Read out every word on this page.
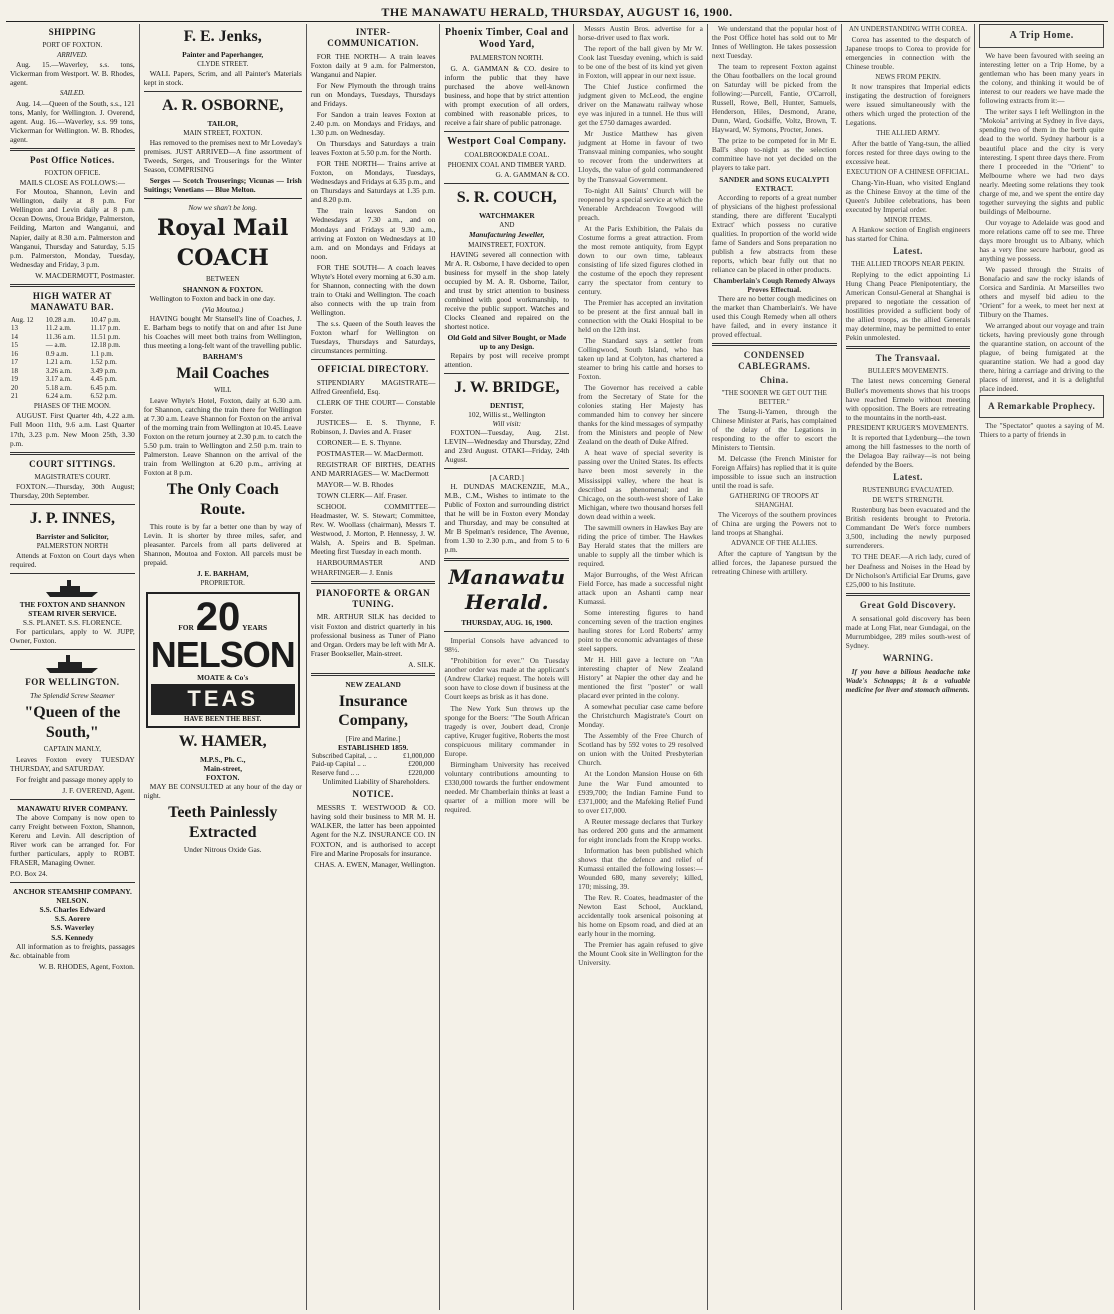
THE MANAWATU HERALD, THURSDAY, AUGUST 16, 1900.
SHIPPING
PORT OF FOXTON.
ARRIVED.

Aug. 15.—Waverley, s.s. tons, Vickerman from Westport. W. B. Rhodes, agent.

SAILED.

Aug. 14.—Queen of the South, s.s., 121 tons, Manly, for Wellington. J. Overend, agent. Aug. 16.—Waverley, s.s. 99 tons, Vickerman for Wellington. W. B. Rhodes, agent.

Post Office Notices.
FOXTON OFFICE.
MAILS CLOSE AS FOLLOWS:—

For Moutoa, Shannon, Levin and Wellington, daily at 8 p.m. For Wellington and Levin daily at 8 p.m. Ocean Downs, Oroua Bridge, Palmerston, Feilding, Marton and Wanganui, and Napier, daily at 8.30 a.m. Palmerston and Wanganui, Thursday and Saturday, 5.15 p.m. Palmerston, Monday, Tuesday, Wednesday and Friday, 3 p.m.

W. MACDERMOTT, Postmaster.
HIGH WATER AT MANAWATU BAR.
Aug. 12	10.28 a.m.	10.47 p.m.
13	11.2 a.m.	11.17 p.m.
14	11.36 a.m.	11.51 p.m.
15	— a.m.	12.18 p.m.
16	0.9 a.m.	1.1 p.m.
17	1.21 a.m.	1.52 p.m.
18	3.26 a.m.	3.49 p.m.
19	3.17 a.m.	4.45 p.m.
20	5.18 a.m.	6.45 p.m.
21	6.24 a.m.	6.52 p.m.
PHASES OF THE MOON.

AUGUST. First Quarter 4th, 4.22 a.m. Full Moon 11th, 9.6 a.m. Last Quarter 17th, 3.23 p.m. New Moon 25th, 3.30 p.m.

COURT SITTINGS.
MAGISTRATE'S COURT.

FOXTON.—Thursday, 30th August; Thursday, 20th September.

J. P. INNES,
Barrister and Solicitor,
PALMERSTON NORTH

Attends at Foxton on Court days when required.

THE FOXTON AND SHANNON STEAM RIVER SERVICE.
S.S. PLANET. S.S. FLORENCE.

For particulars, apply to W. JUPP, Owner, Foxton.

FOR WELLINGTON.
The Splendid Screw Steamer
"Queen of the South,"
CAPTAIN MANLY,

Leaves Foxton every TUESDAY THURSDAY, and SATURDAY.

For freight and passage money apply to

J. F. OVEREND, Agent.
MANAWATU RIVER COMPANY.

The above Company is now open to carry Freight between Foxton, Shannon, Kereru and Levin. All description of River work can be arranged for. For further particulars, apply to ROBT. FRASER, Managing Owner.

P.O. Box 24.
ANCHOR STEAMSHIP COMPANY.
NELSON.
S.S. Charles Edward
S.S. Aorere
S.S. Waverley
S.S. Kennedy

All information as to freights, passages &c. obtainable from

W. B. RHODES, Agent, Foxton.
F. E. Jenks,
Painter and Paperhanger,
CLYDE STREET.

WALL Papers, Scrim, and all Painter's Materials kept in stock.

A. R. OSBORNE,
TAILOR,
MAIN STREET, FOXTON.

Has removed to the premises next to Mr Loveday's premises. JUST ARRIVED—A fine assortment of Tweeds, Serges, and Trouserings for the Winter Season, COMPRISING

Serges — Scotch Trouserings; Vicunas — Irish Suitings; Venetians — Blue Melton.

Now we shan't be long.
Royal Mail
COACH
BETWEEN
SHANNON & FOXTON.

Wellington to Foxton and back in one day.

(Via Moutoa.)

HAVING bought Mr Stansell's line of Coaches, J. E. Barham begs to notify that on and after 1st June his Coaches will meet both trains from Wellington, thus meeting a long-felt want of the travelling public.

BARHAM'S
Mail Coaches
WILL

Leave Whyte's Hotel, Foxton, daily at 6.30 a.m. for Shannon, catching the train there for Wellington at 7.30 a.m. Leave Shannon for Foxton on the arrival of the morning train from Wellington at 10.45. Leave Foxton on the return journey at 2.30 p.m. to catch the 5.50 p.m. train to Wellington and 2.50 p.m. train to Palmerston. Leave Shannon on the arrival of the train from Wellington at 6.20 p.m., arriving at Foxton at 8 p.m.

The Only Coach Route.

This route is by far a better one than by way of Levin. It is shorter by three miles, safer, and pleasanter. Parcels from all parts delivered at Shannon, Moutoa and Foxton. All parcels must be prepaid.

J. E. BARHAM,
PROPRIETOR.
FOR 20 YEARS
NELSON
MOATE & Co's
TEAS
HAVE BEEN THE BEST.
W. HAMER,
M.P.S., Ph. C.,
Main-street,
FOXTON.

MAY BE CONSULTED at any hour of the day or night.

Teeth Painlessly Extracted
Under Nitrous Oxide Gas.
INTER-COMMUNICATION.

FOR THE NORTH— A train leaves Foxton daily at 9 a.m. for Palmerston, Wanganui and Napier.

For New Plymouth the through trains run on Mondays, Tuesdays, Thursdays and Fridays.

For Sandon a train leaves Foxton at 2.40 p.m. on Mondays and Fridays, and 1.30 p.m. on Wednesday.

On Thursdays and Saturdays a train leaves Foxton at 5.50 p.m. for the North.

FOR THE NORTH— Trains arrive at Foxton, on Mondays, Tuesdays, Wednesdays and Fridays at 6.35 p.m., and on Thursdays and Saturdays at 1.35 p.m. and 8.20 p.m.

The train leaves Sandon on Wednesdays at 7.30 a.m., and on Mondays and Fridays at 9.30 a.m., arriving at Foxton on Wednesdays at 10 a.m. and on Mondays and Fridays at noon.

FOR THE SOUTH— A coach leaves Whyte's Hotel every morning at 6.30 a.m. for Shannon, connecting with the down train to Otaki and Wellington. The coach also connects with the up train from Wellington.

The s.s. Queen of the South leaves the Foxton wharf for Wellington on Tuesdays, Thursdays and Saturdays, circumstances permitting.

OFFICIAL DIRECTORY.

STIPENDIARY MAGISTRATE— Alfred Greenfield, Esq.

CLERK OF THE COURT— Constable Forster.

JUSTICES— E. S. Thynne, F. Robinson, J. Davies and A. Fraser

CORONER— E. S. Thynne.

POSTMASTER— W. MacDermott.

REGISTRAR OF BIRTHS, DEATHS AND MARRIAGES— W. MacDermott

MAYOR— W. B. Rhodes

TOWN CLERK— Alf. Fraser.

SCHOOL COMMITTEE— Headmaster, W. S. Stewart; Committee, Rev. W. Woollass (chairman), Messrs T. Westwood, J. Morton, P. Hennessy, J. W. Walsh, A. Speirs and B. Spelman. Meeting first Tuesday in each month.

HARBOURMASTER AND WHARFINGER— J. Ennis

PIANOFORTE & ORGAN TUNING.

MR. ARTHUR SILK has decided to visit Foxton and district quarterly in his professional business as Tuner of Piano and Organ. Orders may be left with Mr A. Fraser Bookseller, Main-street.

A. SILK.
NEW ZEALAND
Insurance Company,
[Fire and Marine.]
ESTABLISHED 1859.
Subscribed Capital, .. ..	£1,000,000
Paid-up Capital .. ..	£200,000
Reserve fund .. ..	£220,000

Unlimited Liability of Shareholders.

NOTICE.

MESSRS T. WESTWOOD & CO. having sold their business to MR M. H. WALKER, the latter has been appointed Agent for the N.Z. INSURANCE CO. IN FOXTON, and is authorised to accept Fire and Marine Proposals for insurance.

CHAS. A. EWEN, Manager, Wellington.
Phoenix Timber, Coal and Wood Yard,
PALMERSTON NORTH.

G. A. GAMMAN & CO. desire to inform the public that they have purchased the above well-known business, and hope that by strict attention with prompt execution of all orders, combined with reasonable prices, to receive a fair share of public patronage.

Westport Coal Company.
COALBROOKDALE COAL.
PHOENIX COAL AND TIMBER YARD.
G. A. GAMMAN & CO.
S. R. COUCH,
WATCHMAKER
AND
Manufacturing Jeweller,
MAINSTREET, FOXTON.

HAVING severed all connection with Mr A. R. Osborne, I have decided to open business for myself in the shop lately occupied by M. A. R. Osborne, Tailor, and trust by strict attention to business combined with good workmanship, to receive the public support. Watches and Clocks Cleaned and repaired on the shortest notice.

Old Gold and Silver Bought, or Made up to any Design.

Repairs by post will receive prompt attention.

J. W. BRIDGE,
DENTIST,
102, Willis st., Wellington
Will visit:

FOXTON—Tuesday, Aug. 21st. LEVIN—Wednesday and Thursday, 22nd and 23rd August. OTAKI—Friday, 24th August.

[A CARD.]

H. DUNDAS MACKENZIE, M.A., M.B., C.M., Wishes to intimate to the Public of Foxton and surrounding district that he will be in Foxton every Monday and Thursday, and may be consulted at Mr B Spelman's residence, The Avenue, from 1.30 to 2.30 p.m., and from 5 to 6 p.m.

Manawatu Herald.
THURSDAY, AUG. 16, 1900.

Imperial Consols have advanced to 98½.

"Prohibition for ever." On Tuesday another order was made at the applicant's (Andrew Clarke) request. The hotels will soon have to close down if business at the Court keeps as brisk as it has done.

The New York Sun throws up the sponge for the Boers: "The South African tragedy is over, Joubert dead, Cronje captive, Kruger fugitive, Roberts the most conspicuous military commander in Europe.

Birmingham University has received voluntary contributions amounting to £330,000 towards the further endowment needed. Mr Chamberlain thinks at least a quarter of a million more will be required.

Messrs Austin Bros. advertise for a horse-driver used to flax work.

The report of the ball given by Mr W. Cook last Tuesday evening, which is said to be one of the best of its kind yet given in Foxton, will appear in our next issue.

The Chief Justice confirmed the judgment given to McLeod, the engine driver on the Manawatu railway whose eye was injured in a tunnel. He thus will get the £750 damages awarded.

Mr Justice Matthew has given judgment at Home in favour of two Transvaal mining companies, who sought to recover from the underwriters at Lloyds, the value of gold commandeered by the Transvaal Government.

To-night All Saints' Church will be reopened by a special service at which the Venerable Archdeacon Towgood will preach.

At the Paris Exhibition, the Palais du Costume forms a great attraction. From the most remote antiquity, from Egypt down to our own time, tableaux consisting of life sized figures clothed in the costume of the epoch they represent carry the spectator from century to century.

The Premier has accepted an invitation to be present at the first annual ball in connection with the Otaki Hospital to be held on the 12th inst.

The Standard says a settler from Collingwood, South Island, who has taken up land at Colyton, has chartered a steamer to bring his cattle and horses to Foxton.

The Governor has received a cable from the Secretary of State for the colonies stating Her Majesty has commanded him to convey her sincere thanks for the kind messages of sympathy from the Ministers and people of New Zealand on the death of Duke Alfred.

A heat wave of special severity is passing over the United States. Its effects have been most severely in the Mississippi valley, where the heat is described as phenomenal; and in Chicago, on the south-west shore of Lake Michigan, where two thousand horses fell down dead within a week.

The sawmill owners in Hawkes Bay are riding the price of timber. The Hawkes Bay Herald states that the millers are unable to supply all the timber which is required.

Major Burroughs, of the West African Field Force, has made a successful night attack upon an Ashanti camp near Kumassi.

Some interesting figures to hand concerning seven of the traction engines hauling stores for Lord Roberts' army point to the economic advantages of these steel sappers.

Mr H. Hill gave a lecture on "An interesting chapter of New Zealand History" at Napier the other day and he mentioned the first "poster" or wall placard ever printed in the colony.

A somewhat peculiar case came before the Christchurch Magistrate's Court on Monday.

The Assembly of the Free Church of Scotland has by 592 votes to 29 resolved on union with the United Presbyterian Church.

At the London Mansion House on 6th June the War Fund amounted to £939,700; the Indian Famine Fund to £371,000; and the Mafeking Relief Fund to over £17,000.

A Reuter message declares that Turkey has ordered 200 guns and the armament for eight ironclads from the Krupp works.

Information has been published which shows that the defence and relief of Kumassi entailed the following losses:—Wounded 680, many severely; killed, 170; missing, 39.

The Rev. R. Coates, headmaster of the Newton East School, Auckland, accidentally took arsenical poisoning at his home on Epsom road, and died at an early hour in the morning.

The Premier has again refused to give the Mount Cook site in Wellington for the University.

We understand that the popular host of the Post Office hotel has sold out to Mr Innes of Wellington. He takes possession next Tuesday.

The team to represent Foxton against the Ohau footballers on the local ground on Saturday will be picked from the following:—Purcell, Fantie, O'Carroll, Russell, Rowe, Bell, Hunter, Samuels, Henderson, Hiles, Desmond, Arane, Dunn, Ward, Godsiffe, Voltz, Brown, T. Hayward, W. Symons, Procter, Jones.

The prize to be competed for in Mr E. Ball's shop to-night as the selection committee have not yet decided on the players to take part.

SANDER and SONS EUCALYPTI EXTRACT.

According to reports of a great number of physicians of the highest professional standing, there are different 'Eucalypti Extract' which possess no curative qualities. In proportion of the world wide fame of Sanders and Sons preparation no publish a few abstracts from these reports, which bear fully out that no reliance can be placed in other products.

Chamberlain's Cough Remedy Always Proves Effectual.

There are no better cough medicines on the market than Chamberlain's. We have used this Cough Remedy when all others have failed, and in every instance it proved effectual.

CONDENSED CABLEGRAMS.
China.
"THE SOONER WE GET OUT THE BETTER."

The Tsung-li-Yamen, through the Chinese Minister at Paris, has complained of the delay of the Legations in responding to the offer to escort the Ministers to Tientsin.

M. Delcasse (the French Minister for Foreign Affairs) has replied that it is quite impossible to issue such an instruction until the road is safe.

GATHERING OF TROOPS AT SHANGHAI.

The Viceroys of the southern provinces of China are urging the Powers not to land troops at Shanghai.

ADVANCE OF THE ALLIES.

After the capture of Yangtsun by the allied forces, the Japanese pursued the retreating Chinese with artillery.

AN UNDERSTANDING WITH COREA.

Corea has assented to the despatch of Japanese troops to Corea to provide for emergencies in connection with the Chinese trouble.

NEWS FROM PEKIN.

It now transpires that Imperial edicts instigating the destruction of foreigners were issued simultaneously with the others which urged the protection of the Legations.

THE ALLIED ARMY.

After the battle of Yang-tsun, the allied forces rested for three days owing to the excessive heat.

EXECUTION OF A CHINESE OFFICIAL.

Chang-Yin-Huan, who visited England as the Chinese Envoy at the time of the Queen's Jubilee celebrations, has been executed by Imperial order.

MINOR ITEMS.

A Hankow section of English engineers has started for China.

Latest.
THE ALLIED TROOPS NEAR PEKIN.

Replying to the edict appointing Li Hung Chang Peace Plenipotentiary, the American Consul-General at Shanghai is prepared to negotiate the cessation of hostilities provided a sufficient body of the allied troops, as the allied Generals may determine, may be permitted to enter Pekin unmolested.

The Transvaal.
BULLER'S MOVEMENTS.

The latest news concerning General Buller's movements shows that his troops have reached Ermelo without meeting with opposition. The Boers are retreating to the mountains in the north-east.

PRESIDENT KRUGER'S MOVEMENTS.

It is reported that Lydenburg—the town among the hill fastnesses to the north of the Delagoa Bay railway—is not being defended by the Boers.

Latest.
RUSTENBURG EVACUATED.
DE WET'S STRENGTH.

Rustenburg has been evacuated and the British residents brought to Pretoria. Commandant De Wet's force numbers 3,500, including the newly purposed surrenderers.

TO THE DEAF.—A rich lady, cured of her Deafness and Noises in the Head by Dr Nicholson's Artificial Ear Drums, gave £25,000 to his Institute.

Great Gold Discovery.

A sensational gold discovery has been made at Long Flat, near Gundagai, on the Murrumbidgee, 289 miles south-west of Sydney.

WARNING.

If you have a bilious headache take Wade's Schnapps; it is a valuable medicine for liver and stomach ailments.

A Trip Home.

We have been favoured with seeing an interesting letter on a Trip Home, by a gentleman who has been many years in the colony, and thinking it would be of interest to our readers we have made the following extracts from it:—

The writer says I left Wellington in the "Mokoia" arriving at Sydney in five days, spending two of them in the berth quite dead to the world. Sydney harbour is a beautiful place and the city is very interesting. I spent three days there. From there I proceeded in the "Orient" to Melbourne where we had two days nearly. Meeting some relations they took charge of me, and we spent the entire day together surveying the sights and public buildings of Melbourne.

Our voyage to Adelaide was good and more relations came off to see me. Three days more brought us to Albany, which has a very fine secure harbour, good as anything we possess.

We passed through the Straits of Bonafacio and saw the rocky islands of Corsica and Sardinia. At Marseilles two others and myself bid adieu to the "Orient" for a week, to meet her next at Tilbury on the Thames.

We arranged about our voyage and train tickets, having previously gone through the quarantine station, on account of the plague, of being fumigated at the quarantine station. We had a good day there, hiring a carriage and driving to the places of interest, and it is a delightful place indeed.

A Remarkable Prophecy.

The "Spectator" quotes a saying of M. Thiers to a party of friends in
